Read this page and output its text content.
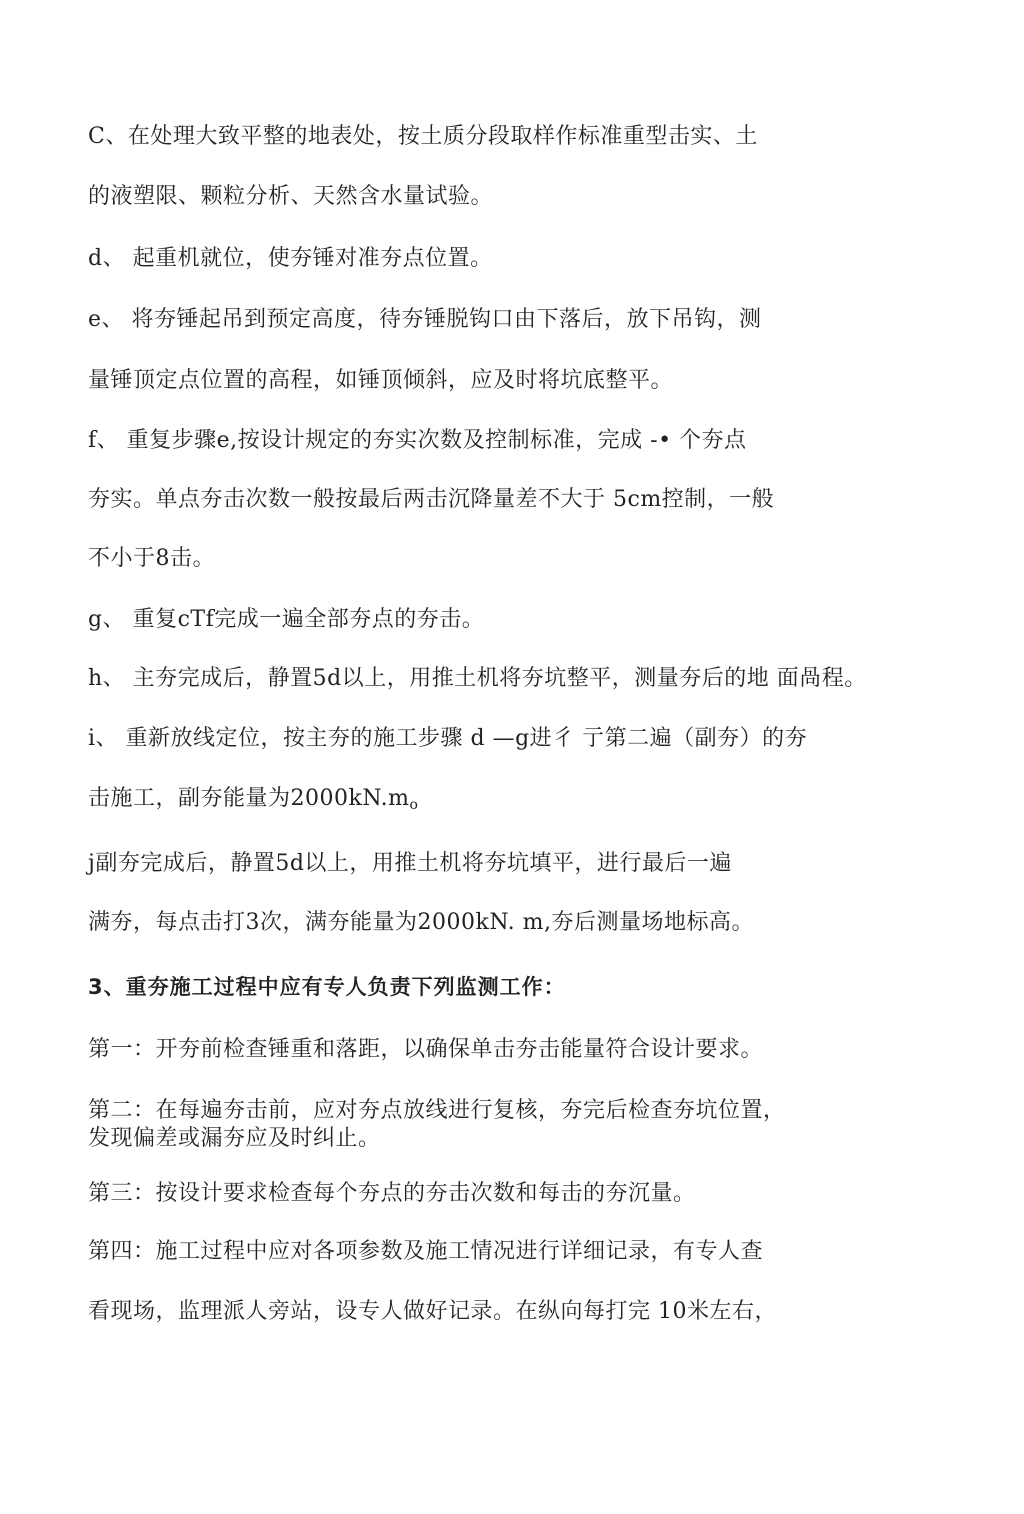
C、在处理大致平整的地表处，按土质分段取样作标准重型击实、土
的液塑限、颗粒分析、天然含水量试验。
d、 起重机就位，使夯锤对准夯点位置。
e、 将夯锤起吊到预定高度，待夯锤脱钩口由下落后，放下吊钩，测
量锤顶定点位置的高程，如锤顶倾斜，应及时将坑底整平。
f、 重复步骤e,按设计规定的夯实次数及控制标准，完成 -• 个夯点
夯实。单点夯击次数一般按最后两击沉降量差不大于 5cm控制，一般
不小于8击。
g、 重复cTf完成一遍全部夯点的夯击。
h、 主夯完成后，静置5d以上，用推土机将夯坑整平，测量夯后的地 面咼程。
i、 重新放线定位，按主夯的施工步骤 d —g进彳 亍第二遍（副夯）的夯
击施工，副夯能量为2000kN.mo
j副夯完成后，静置5d以上，用推土机将夯坑填平，进行最后一遍
满夯，每点击打3次，满夯能量为2000kN. m,夯后测量场地标高。
3、重夯施工过程中应有专人负责下列监测工作：
第一：开夯前检查锤重和落距，以确保单击夯击能量符合设计要求。
第二：在每遍夯击前，应对夯点放线进行复核，夯完后检查夯坑位置，
发现偏差或漏夯应及时纠止。
第三：按设计要求检查每个夯点的夯击次数和每击的夯沉量。
第四：施工过程中应对各项参数及施工情况进行详细记录，有专人查
看现场，监理派人旁站，设专人做好记录。在纵向每打完 10米左右，
